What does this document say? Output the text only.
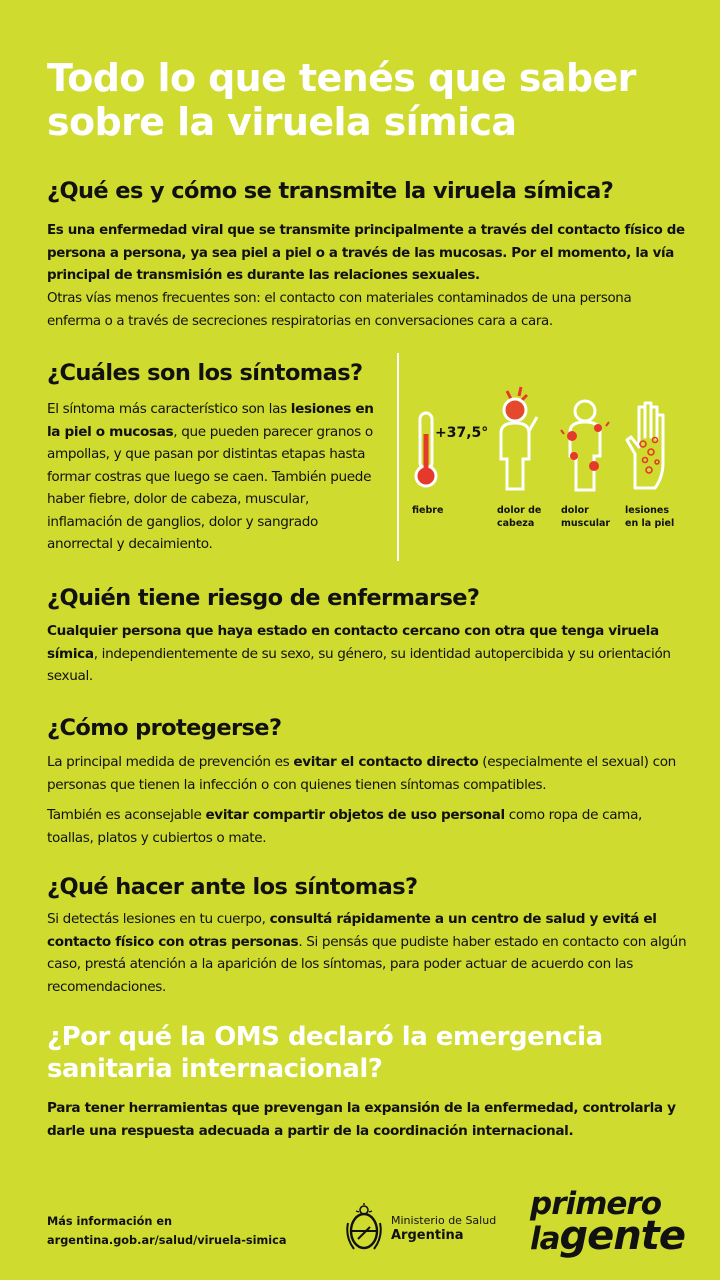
Todo lo que tenés que saber sobre la viruela símica
¿Qué es y cómo se transmite la viruela símica?

Es una enfermedad viral que se transmite principalmente a través del contacto físico de persona a persona, ya sea piel a piel o a través de las mucosas. Por el momento, la vía principal de transmisión es durante las relaciones sexuales.

Otras vías menos frecuentes son: el contacto con materiales contaminados de una persona enferma o a través de secreciones respiratorias en conversaciones cara a cara.

¿Cuáles son los síntomas?

El síntoma más característico son las lesiones en la piel o mucosas, que pueden parecer granos o ampollas, y que pasan por distintas etapas hasta formar costras que luego se caen. También puede haber fiebre, dolor de cabeza, muscular, inflamación de ganglios, dolor y sangrado anorrectal y decaimiento.

+37,5°
fiebre	dolor de cabeza
dolor muscular
lesiones en la piel
¿Quién tiene riesgo de enfermarse?

Cualquier persona que haya estado en contacto cercano con otra que tenga viruela símica, independientemente de su sexo, su género, su identidad autopercibida y su orientación sexual.

¿Cómo protegerse?

La principal medida de prevención es evitar el contacto directo (especialmente el sexual) con personas que tienen la infección o con quienes tienen síntomas compatibles.

También es aconsejable evitar compartir objetos de uso personal como ropa de cama, toallas, platos y cubiertos o mate.

¿Qué hacer ante los síntomas?

Si detectás lesiones en tu cuerpo, consultá rápidamente a un centro de salud y evitá el contacto físico con otras personas. Si pensás que pudiste haber estado en contacto con algún caso, prestá atención a la aparición de los síntomas, para poder actuar de acuerdo con las recomendaciones.

¿Por qué la OMS declaró la emergencia sanitaria internacional?

Para tener herramientas que prevengan la expansión de la enfermedad, controlarla y darle una respuesta adecuada a partir de la coordinación internacional.

Más información en
argentina.gob.ar/salud/viruela-simica
Ministerio de Salud
Argentina
primero
lagente
